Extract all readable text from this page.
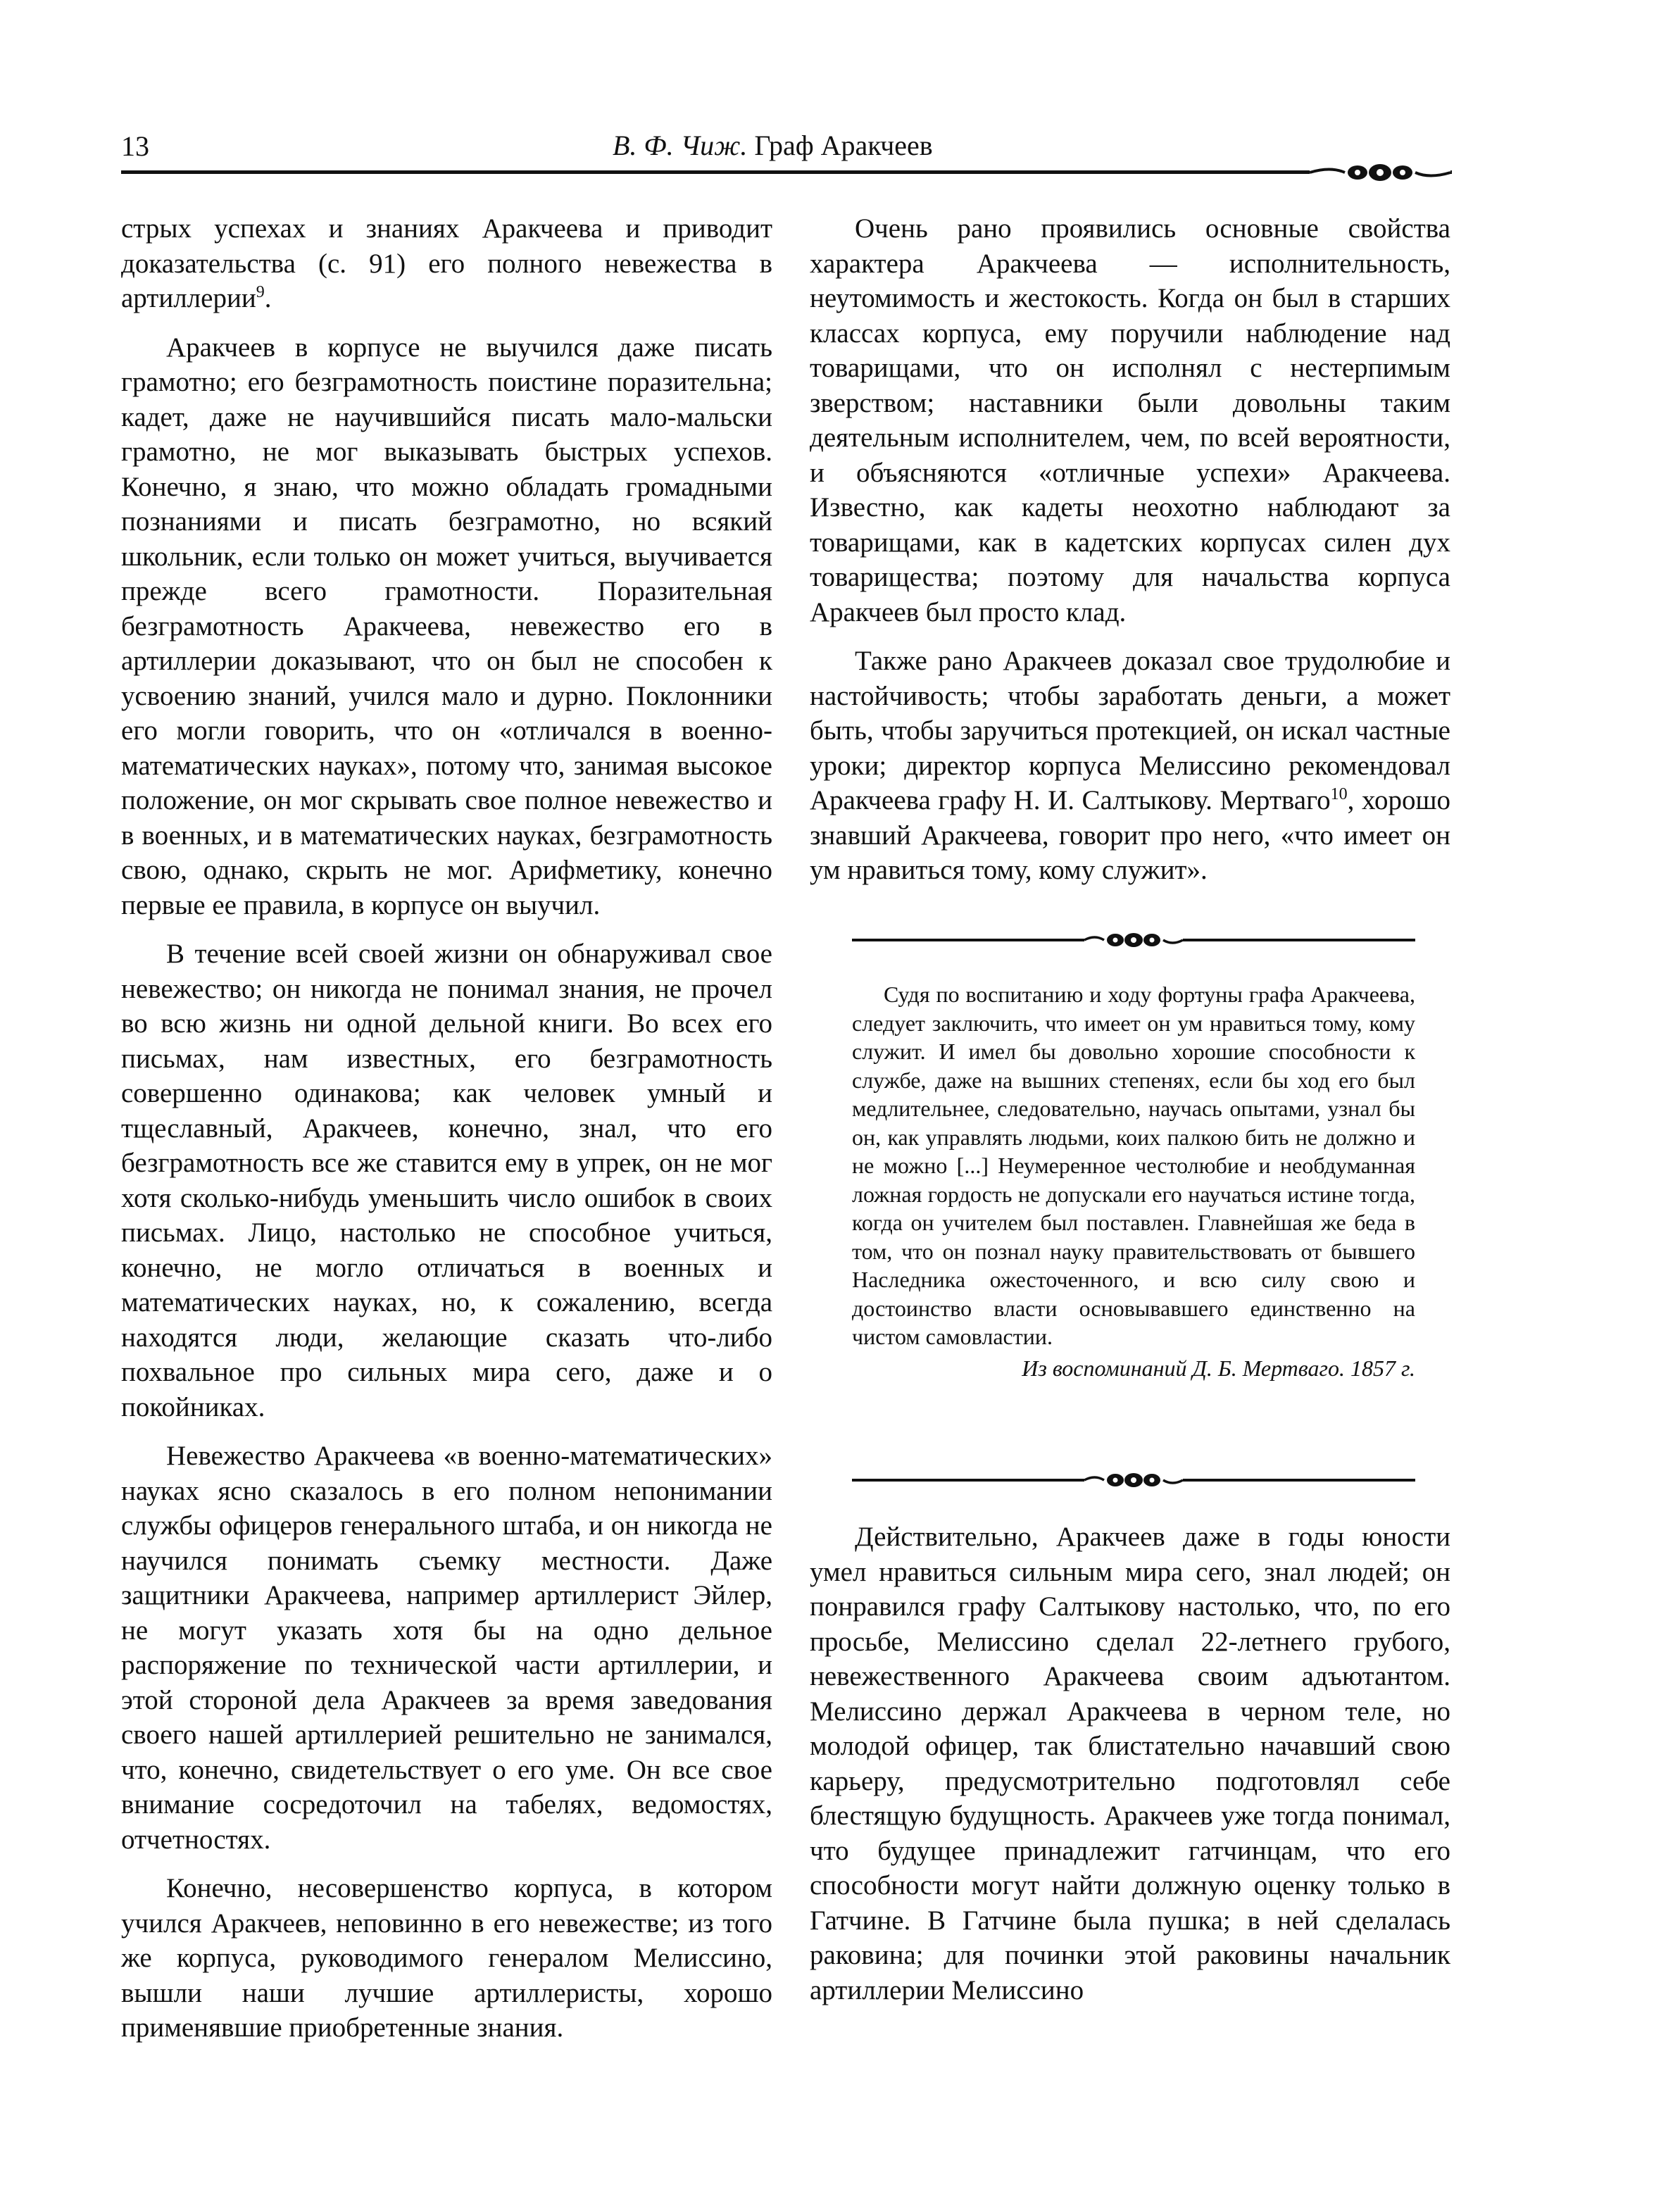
13	В. Ф. Чиж. Граф Аракчеев

стрых успехах и знаниях Аракчеева и приводит доказательства (с. 91) его полного невежества в артиллерии$^9$.

Аракчеев в корпусе не выучился даже писать грамотно; его безграмотность поистине поразительна; кадет, даже не научившийся писать мало-мальски грамотно, не мог выказывать быстрых успехов. Конечно, я знаю, что можно обладать громадными познаниями и писать безграмотно, но всякий школьник, если только он может учиться, выучивается прежде всего грамотности. Поразительная безграмотность Аракчеева, невежество его в артиллерии доказывают, что он был не способен к усвоению знаний, учился мало и дурно. Поклонники его могли говорить, что он «отличался в военно-математических науках», потому что, занимая высокое положение, он мог скрывать свое полное невежество и в военных, и в математических науках, безграмотность свою, однако, скрыть не мог. Арифметику, конечно первые ее правила, в корпусе он выучил.

В течение всей своей жизни он обнаруживал свое невежество; он никогда не понимал знания, не прочел во всю жизнь ни одной дельной книги. Во всех его письмах, нам известных, его безграмотность совершенно одинакова; как человек умный и тщеславный, Аракчеев, конечно, знал, что его безграмотность все же ставится ему в упрек, он не мог хотя сколько-нибудь уменьшить число ошибок в своих письмах. Лицо, настолько не способное учиться, конечно, не могло отличаться в военных и математических науках, но, к сожалению, всегда находятся люди, желающие сказать что-либо похвальное про сильных мира сего, даже и о покойниках.

Невежество Аракчеева «в военно-математических» науках ясно сказалось в его полном непонимании службы офицеров генерального штаба, и он никогда не научился понимать съемку местности. Даже защитники Аракчеева, например артиллерист Эйлер, не могут указать хотя бы на одно дельное распоряжение по технической части артиллерии, и этой стороной дела Аракчеев за время заведования своего нашей артиллерией решительно не занимался, что, конечно, свидетельствует о его уме. Он все свое внимание сосредоточил на табелях, ведомостях, отчетностях.

Конечно, несовершенство корпуса, в котором учился Аракчеев, неповинно в его невежестве; из того же корпуса, руководимого генералом Мелиссино, вышли наши лучшие артиллеристы, хорошо применявшие приобретенные знания.

Очень рано проявились основные свойства характера Аракчеева — исполнительность, неутомимость и жестокость. Когда он был в старших классах корпуса, ему поручили наблюдение над товарищами, что он исполнял с нестерпимым зверством; наставники были довольны таким деятельным исполнителем, чем, по всей вероятности, и объясняются «отличные успехи» Аракчеева. Известно, как кадеты неохотно наблюдают за товарищами, как в кадетских корпусах силен дух товарищества; поэтому для начальства корпуса Аракчеев был просто клад.

Также рано Аракчеев доказал свое трудолюбие и настойчивость; чтобы заработать деньги, а может быть, чтобы заручиться протекцией, он искал частные уроки; директор корпуса Мелиссино рекомендовал Аракчеева графу Н. И. Салтыкову. Мертваго$^{10}$, хорошо знавший Аракчеева, говорит про него, «что имеет он ум нравиться тому, кому служит».

Судя по воспитанию и ходу фортуны графа Аракчеева, следует заключить, что имеет он ум нравиться тому, кому служит. И имел бы довольно хорошие способности к службе, даже на вышних степенях, если бы ход его был медлительнее, следовательно, научась опытами, узнал бы он, как управлять людьми, коих палкою бить не должно и не можно [...] Неумеренное честолюбие и необдуманная ложная гордость не допускали его научаться истине тогда, когда он учителем был поставлен. Главнейшая же беда в том, что он познал науку правительствовать от бывшего Наследника ожесточенного, и всю силу свою и достоинство власти основывавшего единственно на чистом самовластии.

Из воспоминаний Д. Б. Мертваго. 1857 г.

Действительно, Аракчеев даже в годы юности умел нравиться сильным мира сего, знал людей; он понравился графу Салтыкову настолько, что, по его просьбе, Мелиссино сделал 22-летнего грубого, невежественного Аракчеева своим адъютантом. Мелиссино держал Аракчеева в черном теле, но молодой офицер, так блистательно начавший свою карьеру, предусмотрительно подготовлял себе блестящую будущность. Аракчеев уже тогда понимал, что будущее принадлежит гатчинцам, что его способности могут найти должную оценку только в Гатчине. В Гатчине была пушка; в ней сделалась раковина; для починки этой раковины начальник артиллерии Мелиссино
